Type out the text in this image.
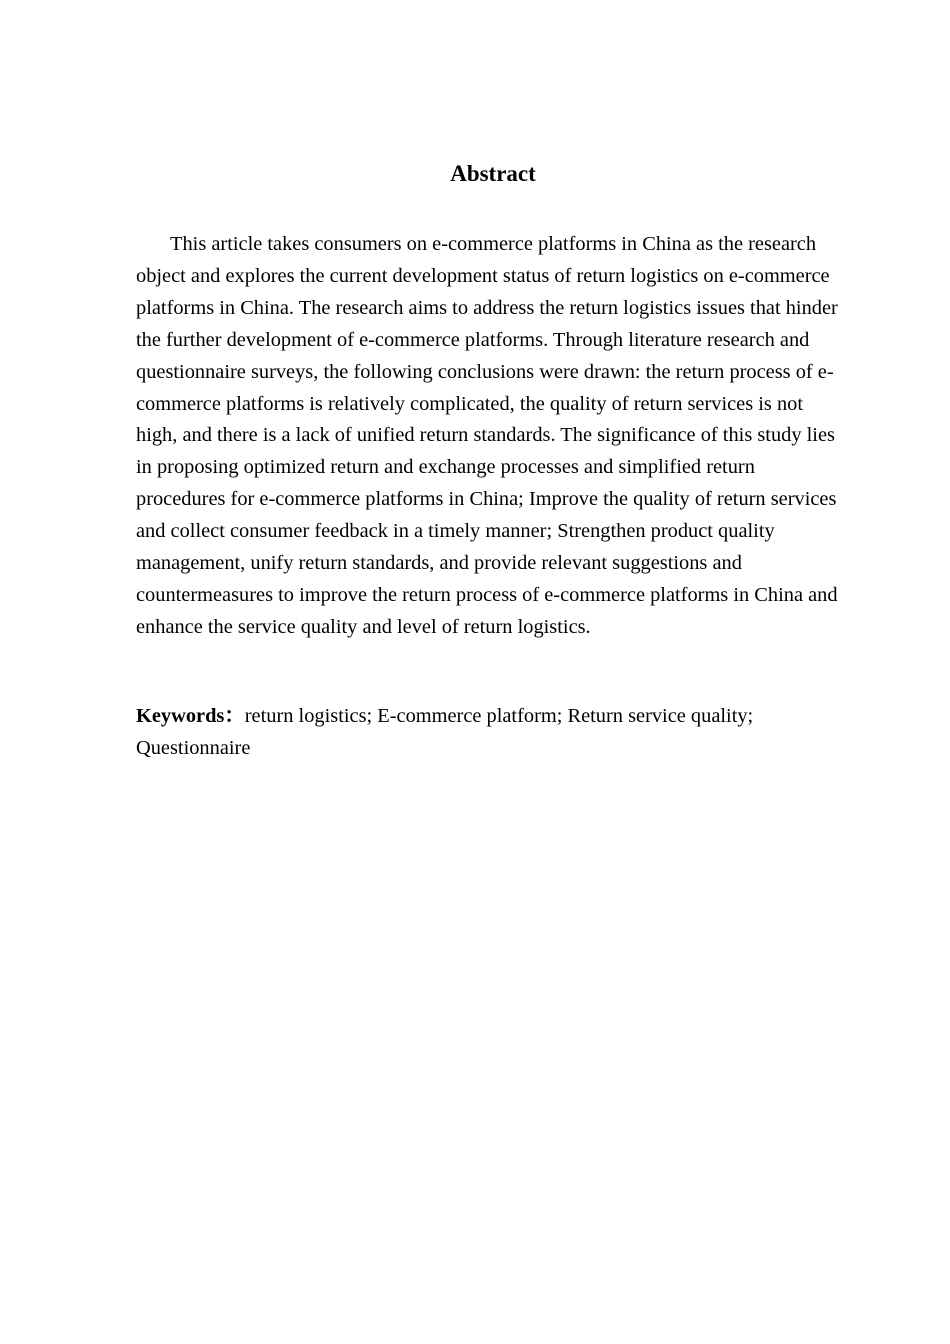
Abstract

This article takes consumers on e-commerce platforms in China as the research object and explores the current development status of return logistics on e-commerce platforms in China. The research aims to address the return logistics issues that hinder the further development of e-commerce platforms. Through literature research and questionnaire surveys, the following conclusions were drawn: the return process of e-commerce platforms is relatively complicated, the quality of return services is not high, and there is a lack of unified return standards. The significance of this study lies in proposing optimized return and exchange processes and simplified return procedures for e-commerce platforms in China; Improve the quality of return services and collect consumer feedback in a timely manner; Strengthen product quality management, unify return standards, and provide relevant suggestions and countermeasures to improve the return process of e-commerce platforms in China and enhance the service quality and level of return logistics.

Keywords：return logistics; E-commerce platform; Return service quality; Questionnaire
